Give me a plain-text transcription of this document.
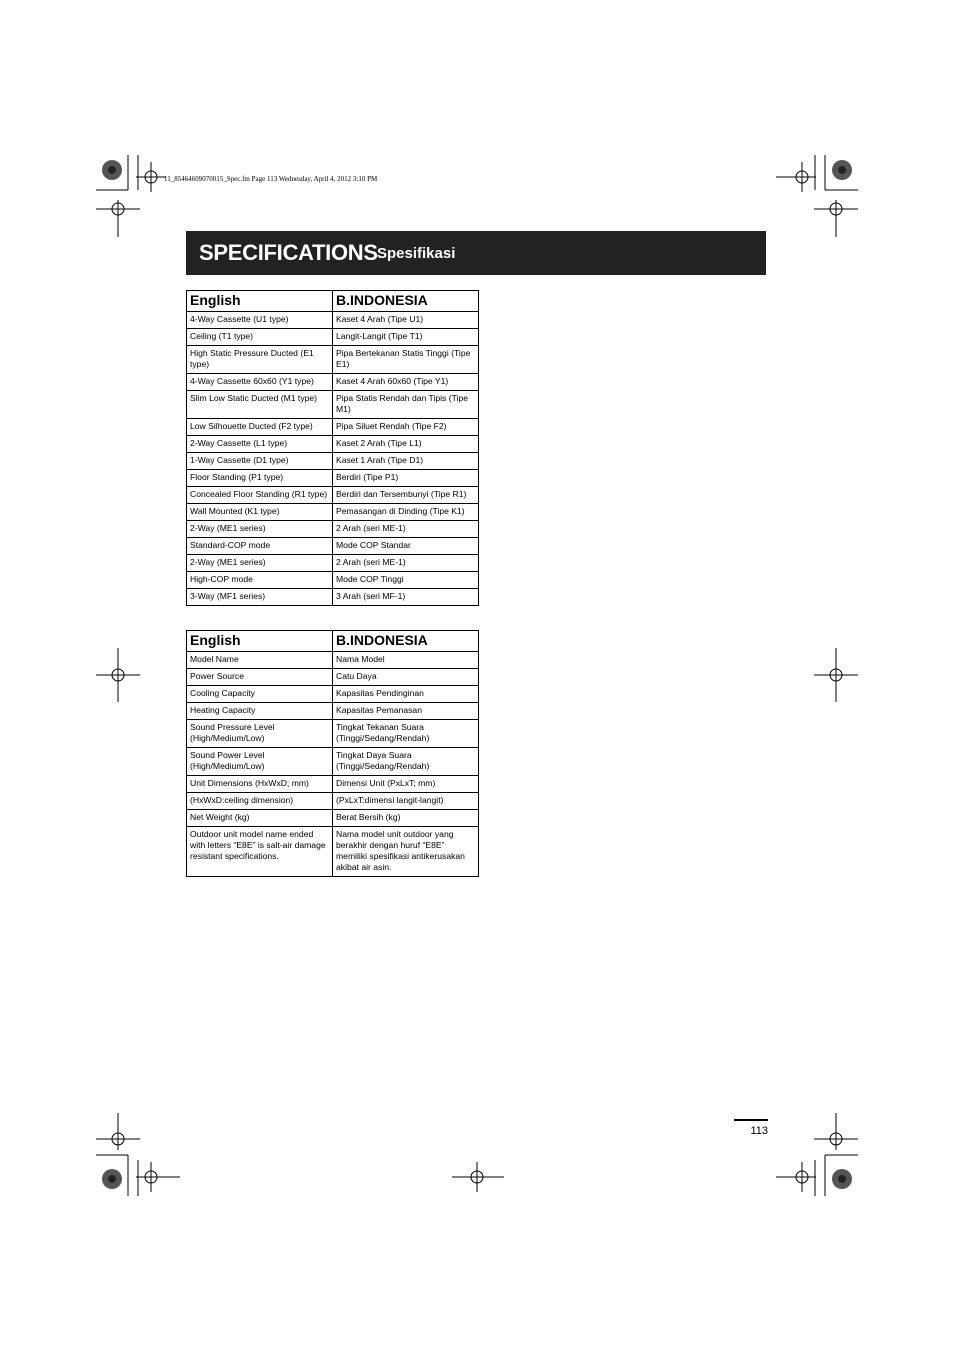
11_85464609070015_Spec.fm Page 113 Wednesday, April 4, 2012 3:10 PM
SPECIFICATIONS Spesifikasi
English	B.INDONESIA
4-Way Cassette (U1 type)	Kaset 4 Arah (Tipe U1)
Ceiling (T1 type)	Langit-Langit (Tipe T1)
High Static Pressure Ducted (E1 type)	Pipa Bertekanan Statis Tinggi (Tipe E1)
4-Way Cassette 60x60 (Y1 type)	Kaset 4 Arah 60x60 (Tipe Y1)
Slim Low Static Ducted (M1 type)	Pipa Statis Rendah dan Tipis (Tipe M1)
Low Silhouette Ducted (F2 type)	Pipa Siluet Rendah (Tipe F2)
2-Way Cassette (L1 type)	Kaset 2 Arah (Tipe L1)
1-Way Cassette (D1 type)	Kaset 1 Arah (Tipe D1)
Floor Standing (P1 type)	Berdiri (Tipe P1)
Concealed Floor Standing (R1 type)	Berdiri dan Tersembunyi (Tipe R1)
Wall Mounted (K1 type)	Pemasangan di Dinding (Tipe K1)
2-Way (ME1 series)	2 Arah (seri ME-1)
Standard-COP mode	Mode COP Standar
2-Way (ME1 series)	2 Arah (seri ME-1)
High-COP mode	Mode COP Tinggi
3-Way (MF1 series)	3 Arah (seri MF-1)
English	B.INDONESIA
Model Name	Nama Model
Power Source	Catu Daya
Cooling Capacity	Kapasitas Pendinginan
Heating Capacity	Kapasitas Pemanasan
Sound Pressure Level (High/Medium/Low)	Tingkat Tekanan Suara (Tinggi/Sedang/Rendah)
Sound Power Level (High/Medium/Low)	Tingkat Daya Suara (Tinggi/Sedang/Rendah)
Unit Dimensions (HxWxD; mm)	Dimensi Unit (PxLxT; mm)
(HxWxD:ceiling dimension)	(PxLxT:dimensi langit-langit)
Net Weight (kg)	Berat Bersih (kg)
Outdoor unit model name ended with letters “E8E” is salt-air damage resistant specifications.	Nama model unit outdoor yang berakhir dengan huruf “E8E” memiliki spesifikasi antikerusakan akibat air asin.
113
